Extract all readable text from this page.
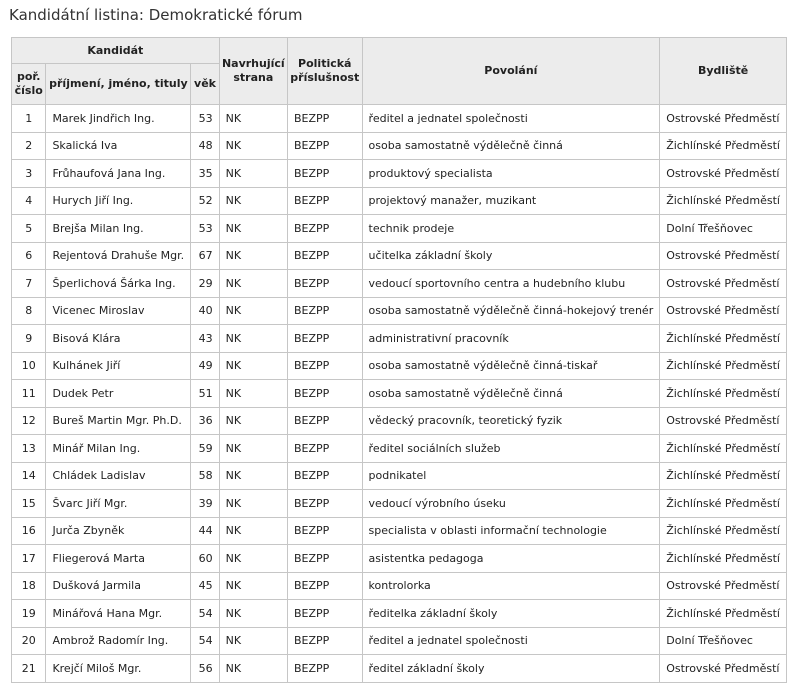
Kandidátní listina: Demokratické fórum
Kandidát			Navrhující strana	Politická příslušnost	Povolání	Bydliště
poř. číslo	příjmení, jméno, tituly	věk				
1	Marek Jindřich Ing.	53	NK	BEZPP	ředitel a jednatel společnosti	Ostrovské Předměstí
2	Skalická Iva	48	NK	BEZPP	osoba samostatně výdělečně činná	Žichlínské Předměstí
3	Frůhaufová Jana Ing.	35	NK	BEZPP	produktový specialista	Ostrovské Předměstí
4	Hurych Jiří Ing.	52	NK	BEZPP	projektový manažer, muzikant	Žichlínské Předměstí
5	Brejša Milan Ing.	53	NK	BEZPP	technik prodeje	Dolní Třešňovec
6	Rejentová Drahuše Mgr.	67	NK	BEZPP	učitelka základní školy	Ostrovské Předměstí
7	Šperlichová Šárka Ing.	29	NK	BEZPP	vedoucí sportovního centra a hudebního klubu	Ostrovské Předměstí
8	Vicenec Miroslav	40	NK	BEZPP	osoba samostatně výdělečně činná-hokejový trenér	Ostrovské Předměstí
9	Bisová Klára	43	NK	BEZPP	administrativní pracovník	Žichlínské Předměstí
10	Kulhánek Jiří	49	NK	BEZPP	osoba samostatně výdělečně činná-tiskař	Žichlínské Předměstí
11	Dudek Petr	51	NK	BEZPP	osoba samostatně výdělečně činná	Žichlínské Předměstí
12	Bureš Martin Mgr. Ph.D.	36	NK	BEZPP	vědecký pracovník, teoretický fyzik	Ostrovské Předměstí
13	Minář Milan Ing.	59	NK	BEZPP	ředitel sociálních služeb	Žichlínské Předměstí
14	Chládek Ladislav	58	NK	BEZPP	podnikatel	Žichlínské Předměstí
15	Švarc Jiří Mgr.	39	NK	BEZPP	vedoucí výrobního úseku	Žichlínské Předměstí
16	Jurča Zbyněk	44	NK	BEZPP	specialista v oblasti informační technologie	Žichlínské Předměstí
17	Fliegerová Marta	60	NK	BEZPP	asistentka pedagoga	Žichlínské Předměstí
18	Dušková Jarmila	45	NK	BEZPP	kontrolorka	Ostrovské Předměstí
19	Minářová Hana Mgr.	54	NK	BEZPP	ředitelka základní školy	Žichlínské Předměstí
20	Ambrož Radomír Ing.	54	NK	BEZPP	ředitel a jednatel společnosti	Dolní Třešňovec
21	Krejčí Miloš Mgr.	56	NK	BEZPP	ředitel základní školy	Ostrovské Předměstí
